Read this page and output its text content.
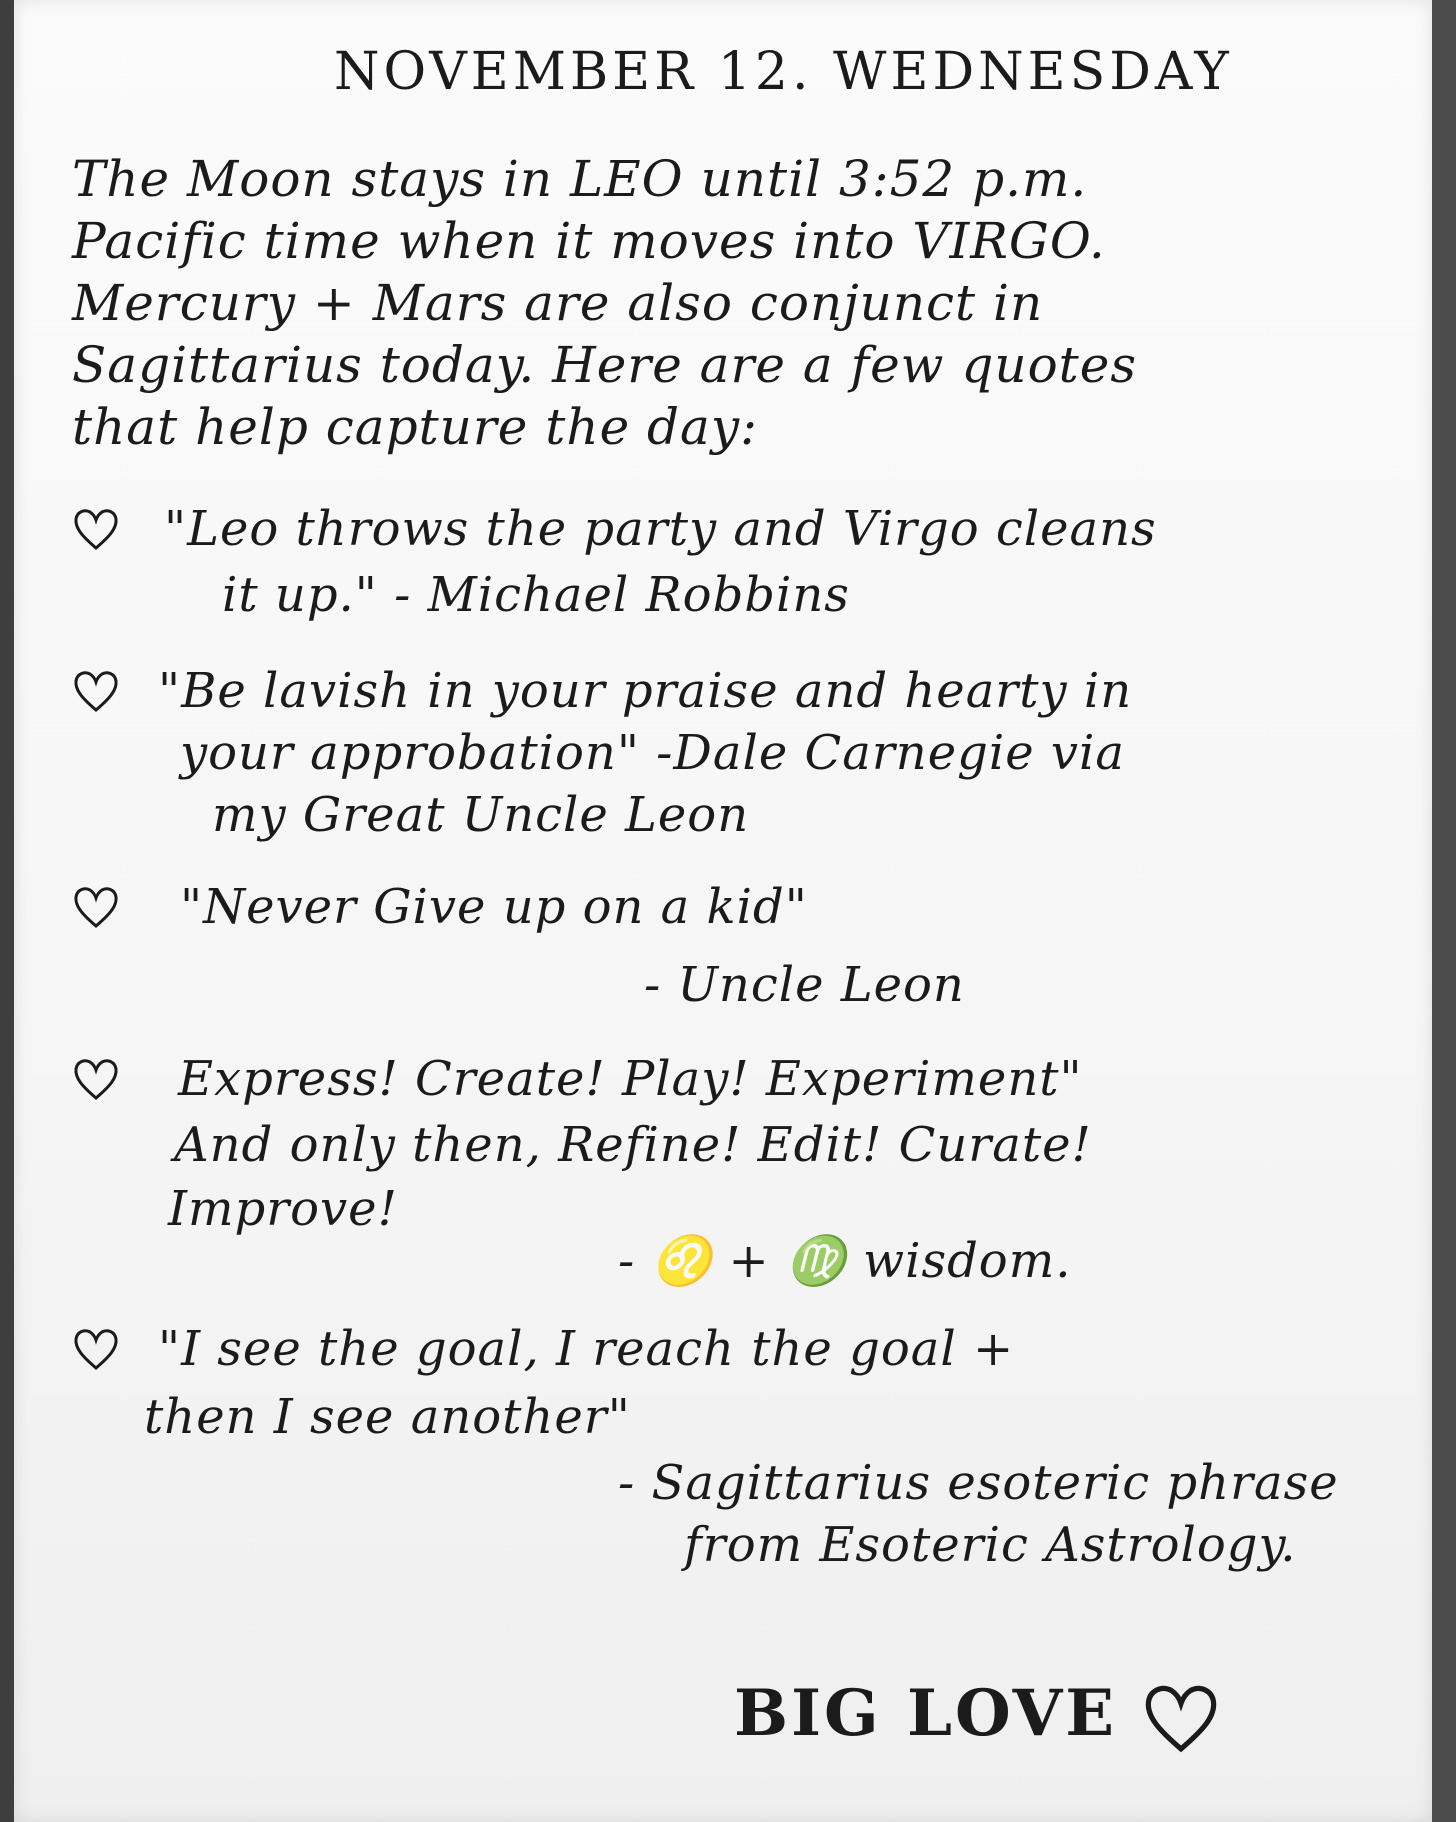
NOVEMBER 12. WEDNESDAY
The Moon stays in LEO until 3:52 p.m.
Pacific time when it moves into VIRGO.
Mercury + Mars are also conjunct in
Sagittarius today. Here are a few quotes
that help capture the day:
"Leo throws the party and Virgo cleans
it up." - Michael Robbins
"Be lavish in your praise and hearty in
your approbation" -Dale Carnegie via
my Great Uncle Leon
"Never Give up on a kid"
- Uncle Leon
Express! Create! Play! Experiment"
And only then, Refine! Edit! Curate!
Improve!
- ♌ + ♍ wisdom.
"I see the goal, I reach the goal +
then I see another"
- Sagittarius esoteric phrase
from Esoteric Astrology.
BIG LOVE
